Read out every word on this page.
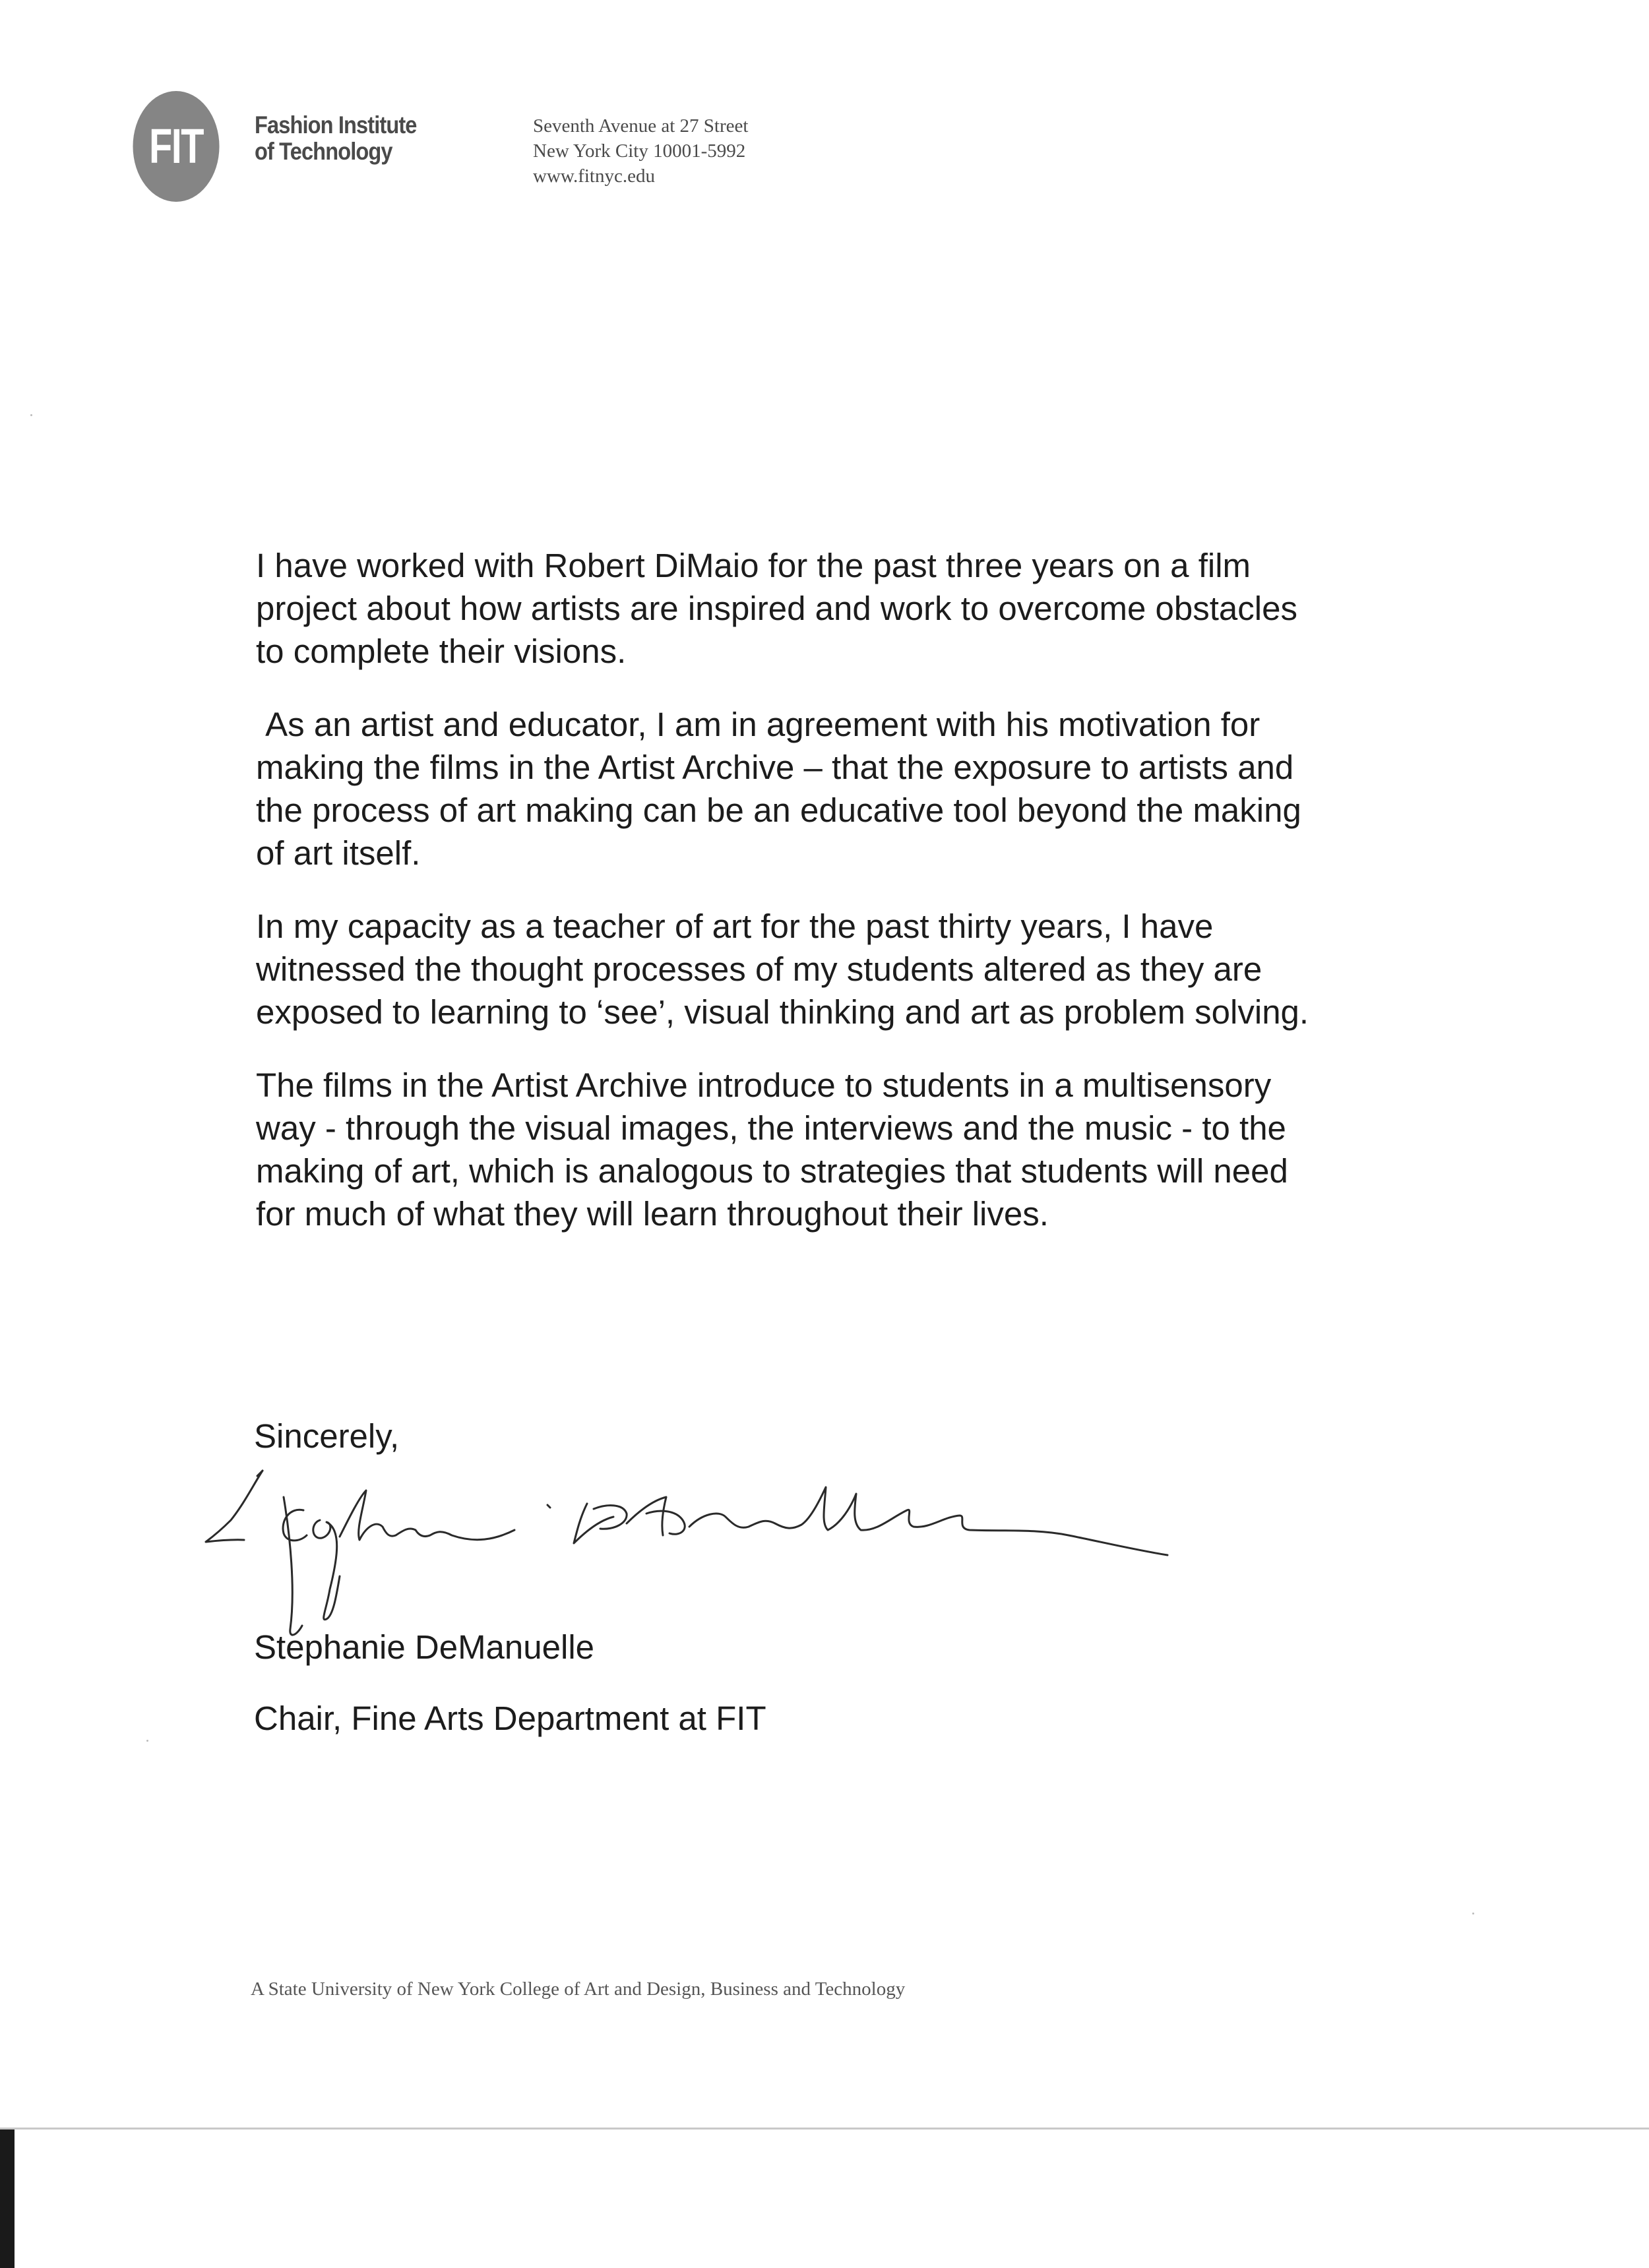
FIT	Fashion Institute
of Technology
Seventh Avenue at 27 Street
New York City 10001-5992
www.fitnyc.edu

I have worked with Robert DiMaio for the past three years on a film project about how artists are inspired and work to overcome obstacles to complete their visions.

As an artist and educator, I am in agreement with his motivation for making the films in the Artist Archive – that the exposure to artists and the process of art making can be an educative tool beyond the making of art itself.

In my capacity as a teacher of art for the past thirty years, I have witnessed the thought processes of my students altered as they are exposed to learning to ‘see’, visual thinking and art as problem solving.

The films in the Artist Archive introduce to students in a multisensory way - through the visual images, the interviews and the music - to the making of art, which is analogous to strategies that students will need for much of what they will learn throughout their lives.

Sincerely,
Stephanie DeManuelle
Chair, Fine Arts Department at FIT
A State University of New York College of Art and Design, Business and Technology
